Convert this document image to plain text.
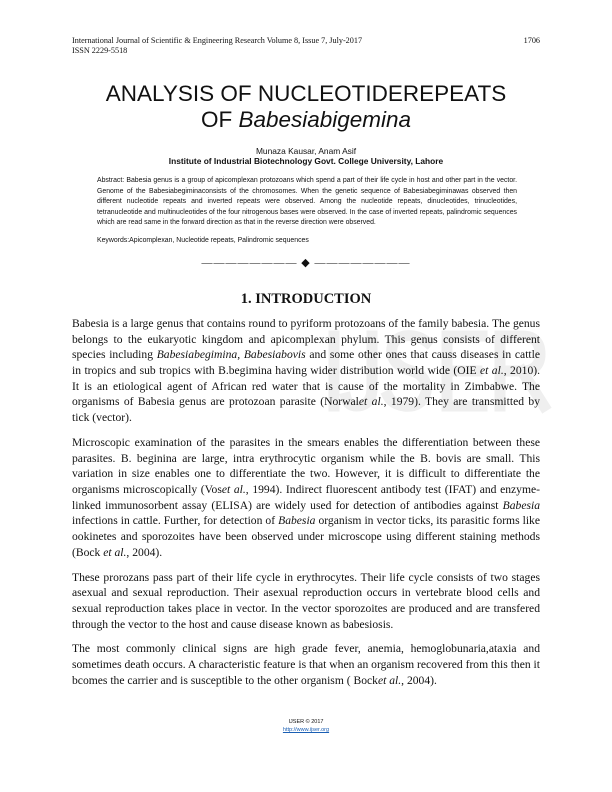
International Journal of Scientific & Engineering Research Volume 8, Issue 7, July-2017
ISSN 2229-5518
1706
ANALYSIS OF NUCLEOTIDEREPEATS
OF Babesiabigemina
Munaza Kausar, Anam Asif
Institute of Industrial Biotechnology Govt. College University, Lahore
Abstract: Babesia genus is a group of apicomplexan protozoans which spend a part of their life cycle in host and other part in the vector. Genome of the Babesiabegiminaconsists of the chromosomes. When the genetic sequence of Babesiabegiminawas observed then different nucleotide repeats and inverted repeats were observed. Among the nucleotide repeats, dinucleotides, trinucleotides, tetranucleotide and multinucleotides of the four nitrogenous bases were observed. In the case of inverted repeats, palindromic sequences which are read same in the forward direction as that in the reverse direction were observed.
Keywords:Apicomplexan, Nucleotide repeats, Palindromic sequences
———————— ◆ ————————
1. INTRODUCTION

Babesia is a large genus that contains round to pyriform protozoans of the family babesia. The genus belongs to the eukaryotic kingdom and apicomplexan phylum. This genus consists of different species including Babesiabegimina, Babesiabovis and some other ones that causs diseases in cattle in tropics and sub tropics with B.begimina having wider distribution world wide (OIE et al., 2010). It is an etiological agent of African red water that is cause of the mortality in Zimbabwe. The organisms of Babesia genus are protozoan parasite (Norwalet al., 1979). They are transmitted by tick (vector).

Microscopic examination of the parasites in the smears enables the differentiation between these parasites. B. beginina are large, intra erythrocytic organism while the B. bovis are small. This variation in size enables one to differentiate the two. However, it is difficult to differentiate the organisms microscopically (Voset al., 1994). Indirect fluorescent antibody test (IFAT) and enzyme-linked immunosorbent assay (ELISA) are widely used for detection of antibodies against Babesia infections in cattle. Further, for detection of Babesia organism in vector ticks, its parasitic forms like ookinetes and sporozoites have been observed under microscope using different staining methods (Bock et al., 2004).

These prorozans pass part of their life cycle in erythrocytes. Their life cycle consists of two stages asexual and sexual reproduction. Their asexual reproduction occurs in vertebrate blood cells and sexual reproduction takes place in vector. In the vector sporozoites are produced and are transfered through the vector to the host and cause disease known as babesiosis.

The most commonly clinical signs are high grade fever, anemia, hemoglobunaria,ataxia and sometimes death occurs. A characteristic feature is that when an organism recovered from this then it bcomes the carrier and is susceptible to the other organism ( Bocket al., 2004).

IJSER © 2017
http://www.ijser.org
